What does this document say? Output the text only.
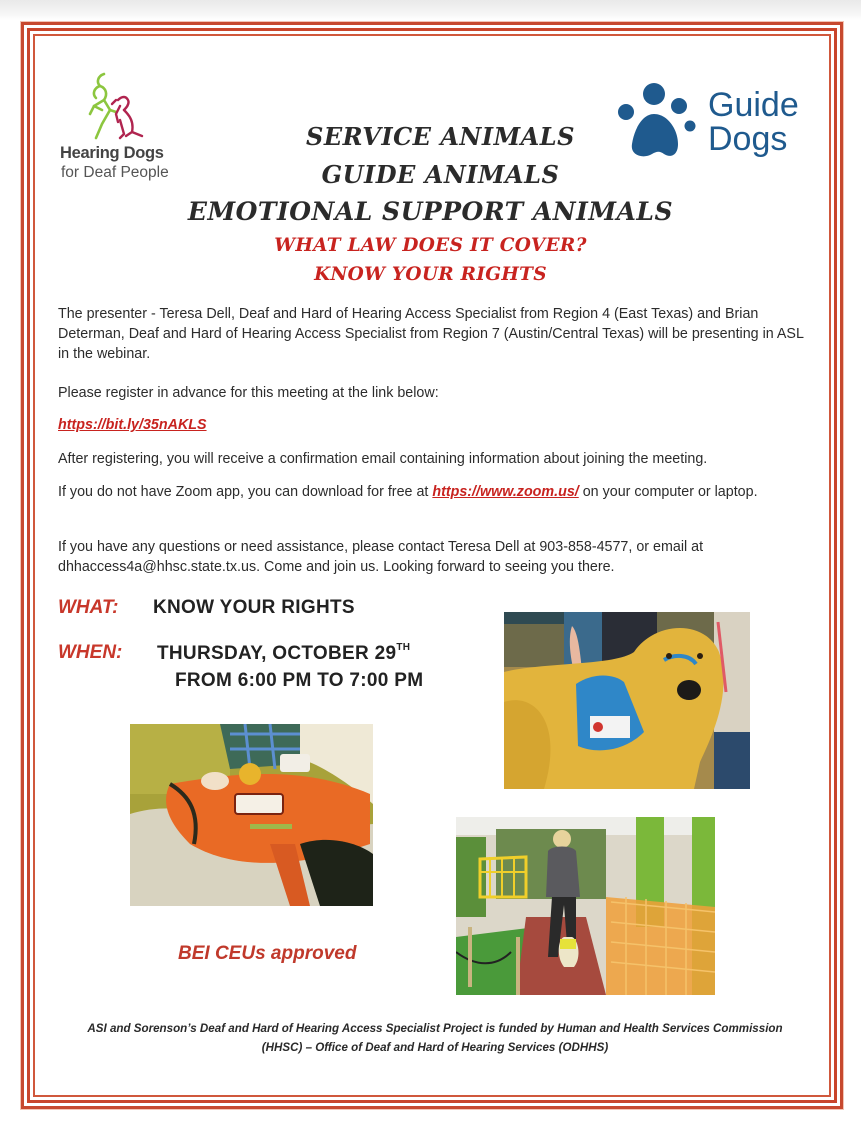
Hearing Dogs
for Deaf People
Guide
Dogs
SERVICE ANIMALS
GUIDE ANIMALS
EMOTIONAL SUPPORT ANIMALS
WHAT LAW DOES IT COVER?
KNOW YOUR RIGHTS
The presenter - Teresa Dell, Deaf and Hard of Hearing Access Specialist from Region 4 (East Texas) and Brian Determan, Deaf and Hard of Hearing Access Specialist from Region 7 (Austin/Central Texas) will be presenting in ASL in the webinar.
Please register in advance for this meeting at the link below:
https://bit.ly/35nAKLS
After registering, you will receive a confirmation email containing information about joining the meeting.
If you do not have Zoom app, you can download for free at https://www.zoom.us/ on your computer or laptop.
If you have any questions or need assistance, please contact Teresa Dell at 903-858-4577, or email at dhhaccess4a@hhsc.state.tx.us. Come and join us. Looking forward to seeing you there.
WHAT: KNOW YOUR RIGHTS
WHEN: THURSDAY, OCTOBER 29TH
FROM 6:00 PM TO 7:00 PM
BEI CEUs approved
ASI and Sorenson’s Deaf and Hard of Hearing Access Specialist Project is funded by Human and Health Services Commission
(HHSC) – Office of Deaf and Hard of Hearing Services (ODHHS)
